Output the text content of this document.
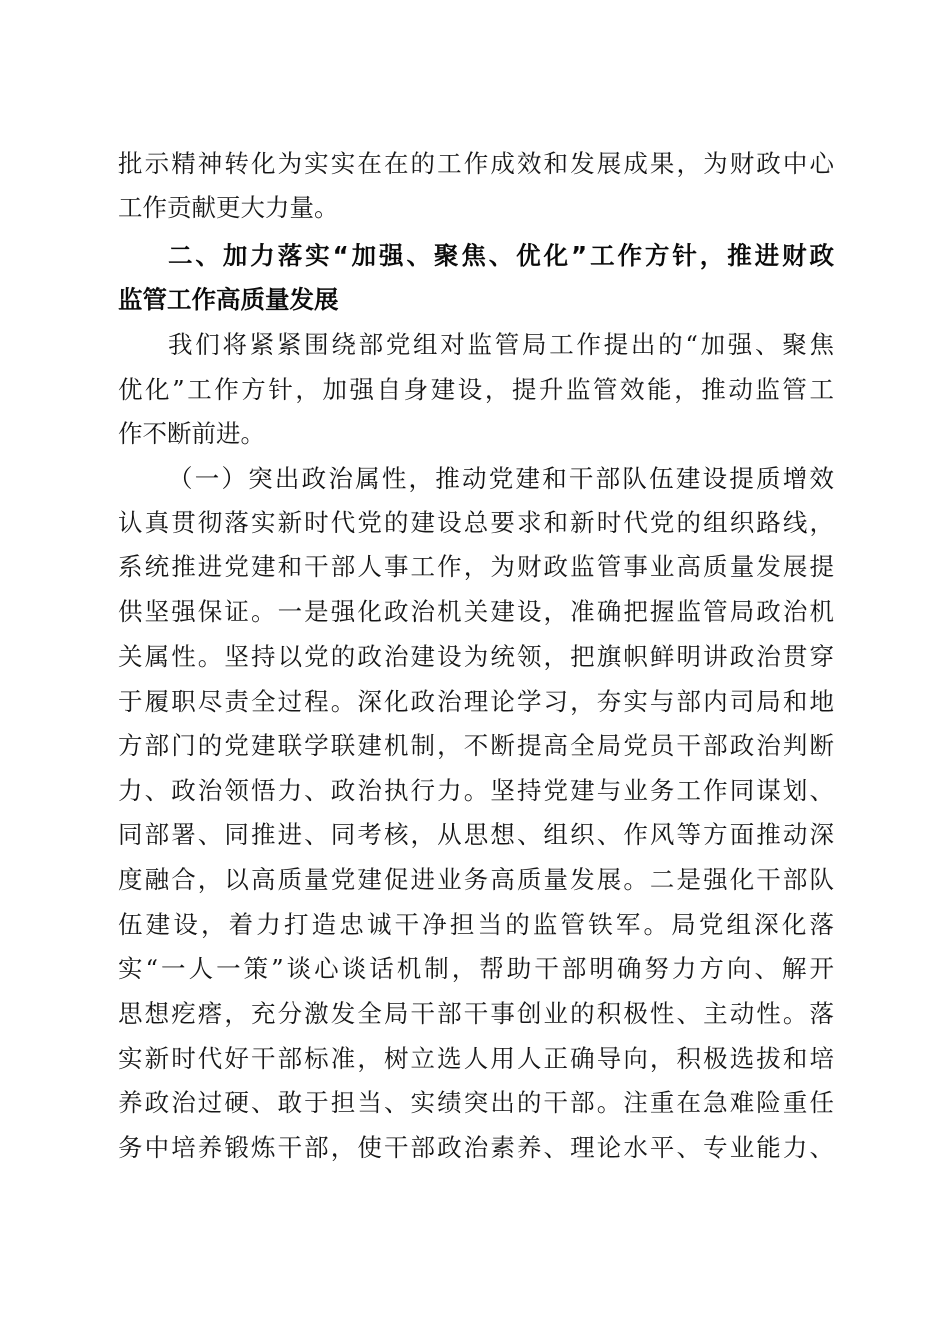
批示精神转化为实实在在的工作成效和发展成果，为财政中心
工作贡献更大力量。
二、加力落实“加强、聚焦、优化”工作方针，推进财政
监管工作高质量发展
我们将紧紧围绕部党组对监管局工作提出的“加强、聚焦
优化”工作方针，加强自身建设，提升监管效能，推动监管工
作不断前进。
（一）突出政治属性，推动党建和干部队伍建设提质增效
认真贯彻落实新时代党的建设总要求和新时代党的组织路线，
系统推进党建和干部人事工作，为财政监管事业高质量发展提
供坚强保证。一是强化政治机关建设，准确把握监管局政治机
关属性。坚持以党的政治建设为统领，把旗帜鲜明讲政治贯穿
于履职尽责全过程。深化政治理论学习，夯实与部内司局和地
方部门的党建联学联建机制，不断提高全局党员干部政治判断
力、政治领悟力、政治执行力。坚持党建与业务工作同谋划、
同部署、同推进、同考核，从思想、组织、作风等方面推动深
度融合，以高质量党建促进业务高质量发展。二是强化干部队
伍建设，着力打造忠诚干净担当的监管铁军。局党组深化落
实“一人一策”谈心谈话机制，帮助干部明确努力方向、解开
思想疙瘩，充分激发全局干部干事创业的积极性、主动性。落
实新时代好干部标准，树立选人用人正确导向，积极选拔和培
养政治过硬、敢于担当、实绩突出的干部。注重在急难险重任
务中培养锻炼干部，使干部政治素养、理论水平、专业能力、
